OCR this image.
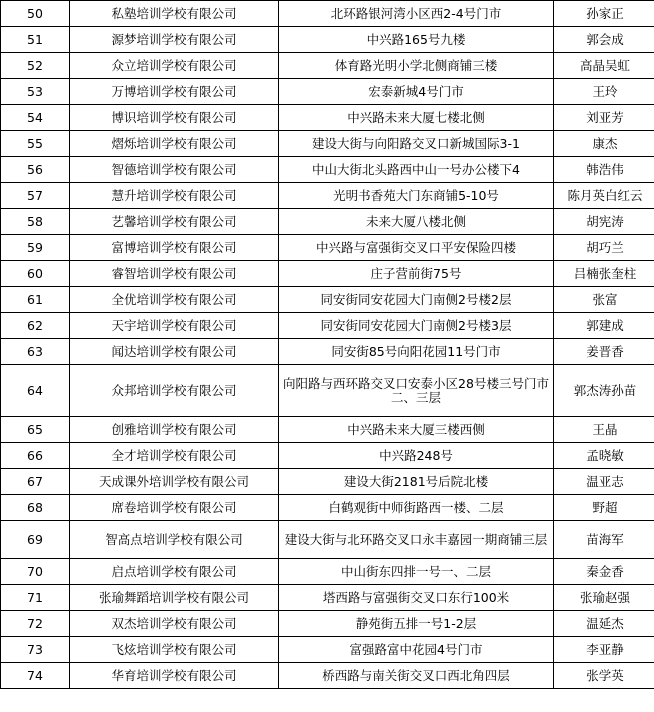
50	私塾培训学校有限公司	北环路银河湾小区西2-4号门市	孙家正
51	源梦培训学校有限公司	中兴路165号九楼	郭会成
52	众立培训学校有限公司	体育路光明小学北侧商铺三楼	高晶吴虹
53	万博培训学校有限公司	宏泰新城4号门市	王玲
54	博识培训学校有限公司	中兴路未来大厦七楼北侧	刘亚芳
55	熠烁培训学校有限公司	建设大街与向阳路交叉口新城国际3-1	康杰
56	智德培训学校有限公司	中山大街北头路西中山一号办公楼下4	韩浩伟
57	慧升培训学校有限公司	光明书香苑大门东商铺5-10号	陈月英白红云
58	艺馨培训学校有限公司	未来大厦八楼北侧	胡宪涛
59	富博培训学校有限公司	中兴路与富强街交叉口平安保险四楼	胡巧兰
60	睿智培训学校有限公司	庄子营前街75号	吕楠张奎柱
61	全优培训学校有限公司	同安街同安花园大门南侧2号楼2层	张富
62	天宇培训学校有限公司	同安街同安花园大门南侧2号楼3层	郭建成
63	闻达培训学校有限公司	同安街85号向阳花园11号门市	姜晋香
64	众邦培训学校有限公司	向阳路与西环路交叉口安泰小区28号楼三号门市二、三层	郭杰涛孙苗
65	创雅培训学校有限公司	中兴路未来大厦三楼西侧	王晶
66	全才培训学校有限公司	中兴路248号	孟晓敏
67	天成课外培训学校有限公司	建设大街2181号后院北楼	温亚志
68	席卷培训学校有限公司	白鹤观街中师街路西一楼、二层	野超
69	智高点培训学校有限公司	建设大街与北环路交叉口永丰嘉园一期商铺三层	苗海军
70	启点培训学校有限公司	中山街东四排一号一、二层	秦金香
71	张瑜舞蹈培训学校有限公司	塔西路与富强街交叉口东行100米	张瑜赵强
72	双杰培训学校有限公司	静苑街五排一号1-2层	温延杰
73	飞炫培训学校有限公司	富强路富中花园4号门市	李亚静
74	华育培训学校有限公司	桥西路与南关街交叉口西北角四层	张学英
